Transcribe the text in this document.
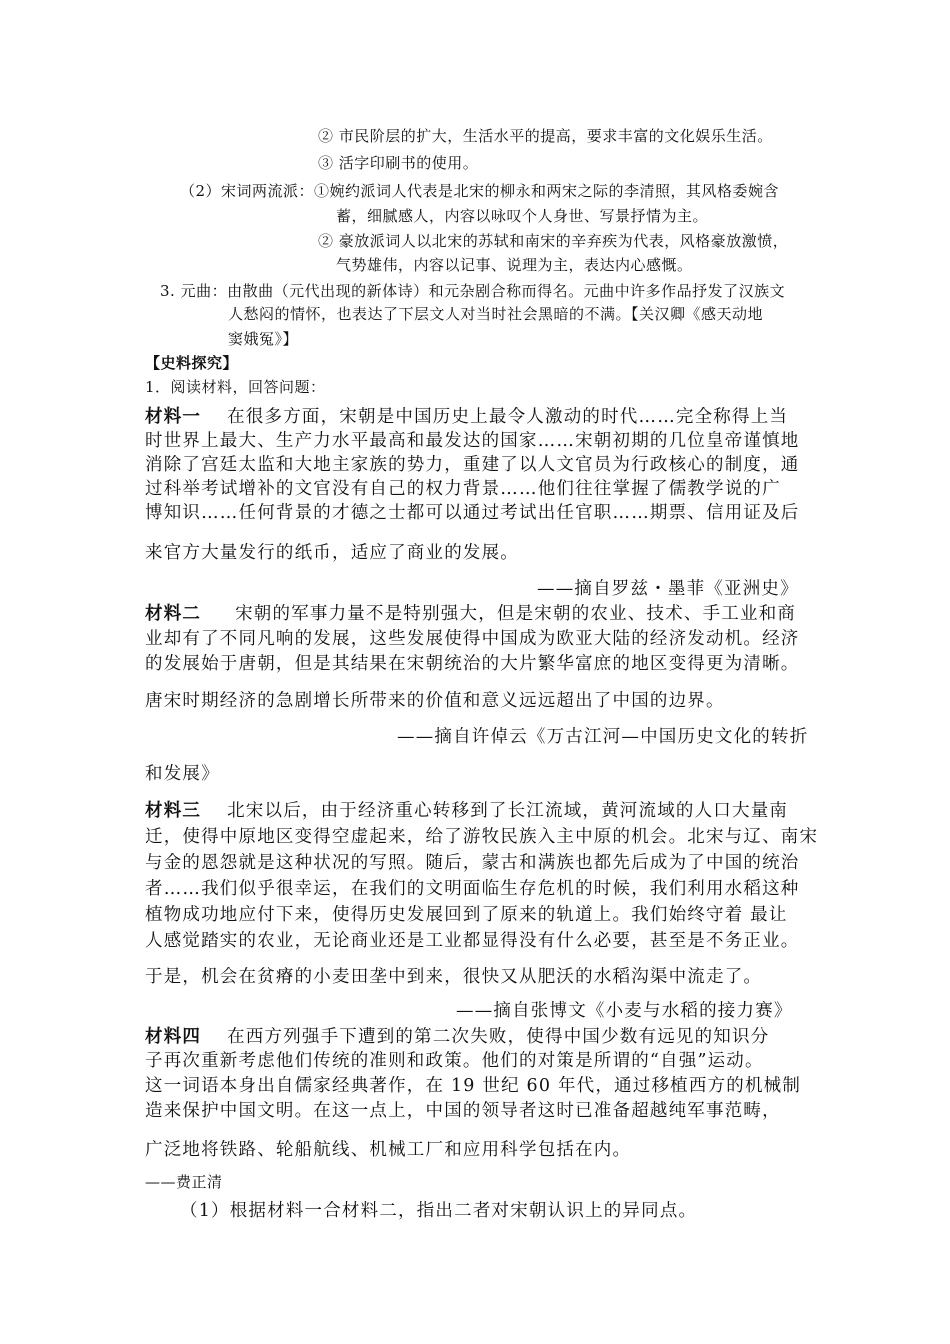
② 市民阶层的扩大，生活水平的提高，要求丰富的文化娱乐生活。

③ 活字印刷书的使用。

（2）宋词两流派：①婉约派词人代表是北宋的柳永和两宋之际的李清照，其风格委婉含

蓄，细腻感人，内容以咏叹个人身世、写景抒情为主。

② 豪放派词人以北宋的苏轼和南宋的辛弃疾为代表，风格豪放激愤，

气势雄伟，内容以记事、说理为主，表达内心感慨。

3. 元曲：由散曲（元代出现的新体诗）和元杂剧合称而得名。元曲中许多作品抒发了汉族文

人愁闷的情怀，也表达了下层文人对当时社会黑暗的不满。【关汉卿《感天动地

窦娥冤》】

【史料探究】

1．阅读材料，回答问题：

材料一 在很多方面，宋朝是中国历史上最令人激动的时代……完全称得上当

时世界上最大、生产力水平最高和最发达的国家……宋朝初期的几位皇帝谨慎地

消除了宫廷太监和大地主家族的势力，重建了以人文官员为行政核心的制度，通

过科举考试增补的文官没有自己的权力背景……他们往往掌握了儒教学说的广

博知识……任何背景的才德之士都可以通过考试出任官职……期票、信用证及后

来官方大量发行的纸币，适应了商业的发展。

——摘自罗兹・墨菲《亚洲史》

材料二 宋朝的军事力量不是特别强大，但是宋朝的农业、技术、手工业和商

业却有了不同凡响的发展，这些发展使得中国成为欧亚大陆的经济发动机。经济

的发展始于唐朝，但是其结果在宋朝统治的大片繁华富庶的地区变得更为清晰。

唐宋时期经济的急剧增长所带来的价值和意义远远超出了中国的边界。

——摘自许倬云《万古江河—中国历史文化的转折

和发展》

材料三 北宋以后，由于经济重心转移到了长江流域，黄河流域的人口大量南

迁，使得中原地区变得空虚起来，给了游牧民族入主中原的机会。北宋与辽、南宋

与金的恩怨就是这种状况的写照。随后，蒙古和满族也都先后成为了中国的统治

者……我们似乎很幸运，在我们的文明面临生存危机的时候，我们利用水稻这种

植物成功地应付下来，使得历史发展回到了原来的轨道上。我们始终守着 最让

人感觉踏实的农业，无论商业还是工业都显得没有什么必要，甚至是不务正业。

于是，机会在贫瘠的小麦田垄中到来，很快又从肥沃的水稻沟渠中流走了。

——摘自张博文《小麦与水稻的接力赛》

材料四 在西方列强手下遭到的第二次失败，使得中国少数有远见的知识分

子再次重新考虑他们传统的准则和政策。他们的对策是所谓的“自强”运动。

这一词语本身出自儒家经典著作，在 19 世纪 60 年代，通过移植西方的机械制

造来保护中国文明。在这一点上，中国的领导者这时已准备超越纯军事范畴，

广泛地将铁路、轮船航线、机械工厂和应用科学包括在内。

——费正清

（1）根据材料一合材料二，指出二者对宋朝认识上的异同点。
